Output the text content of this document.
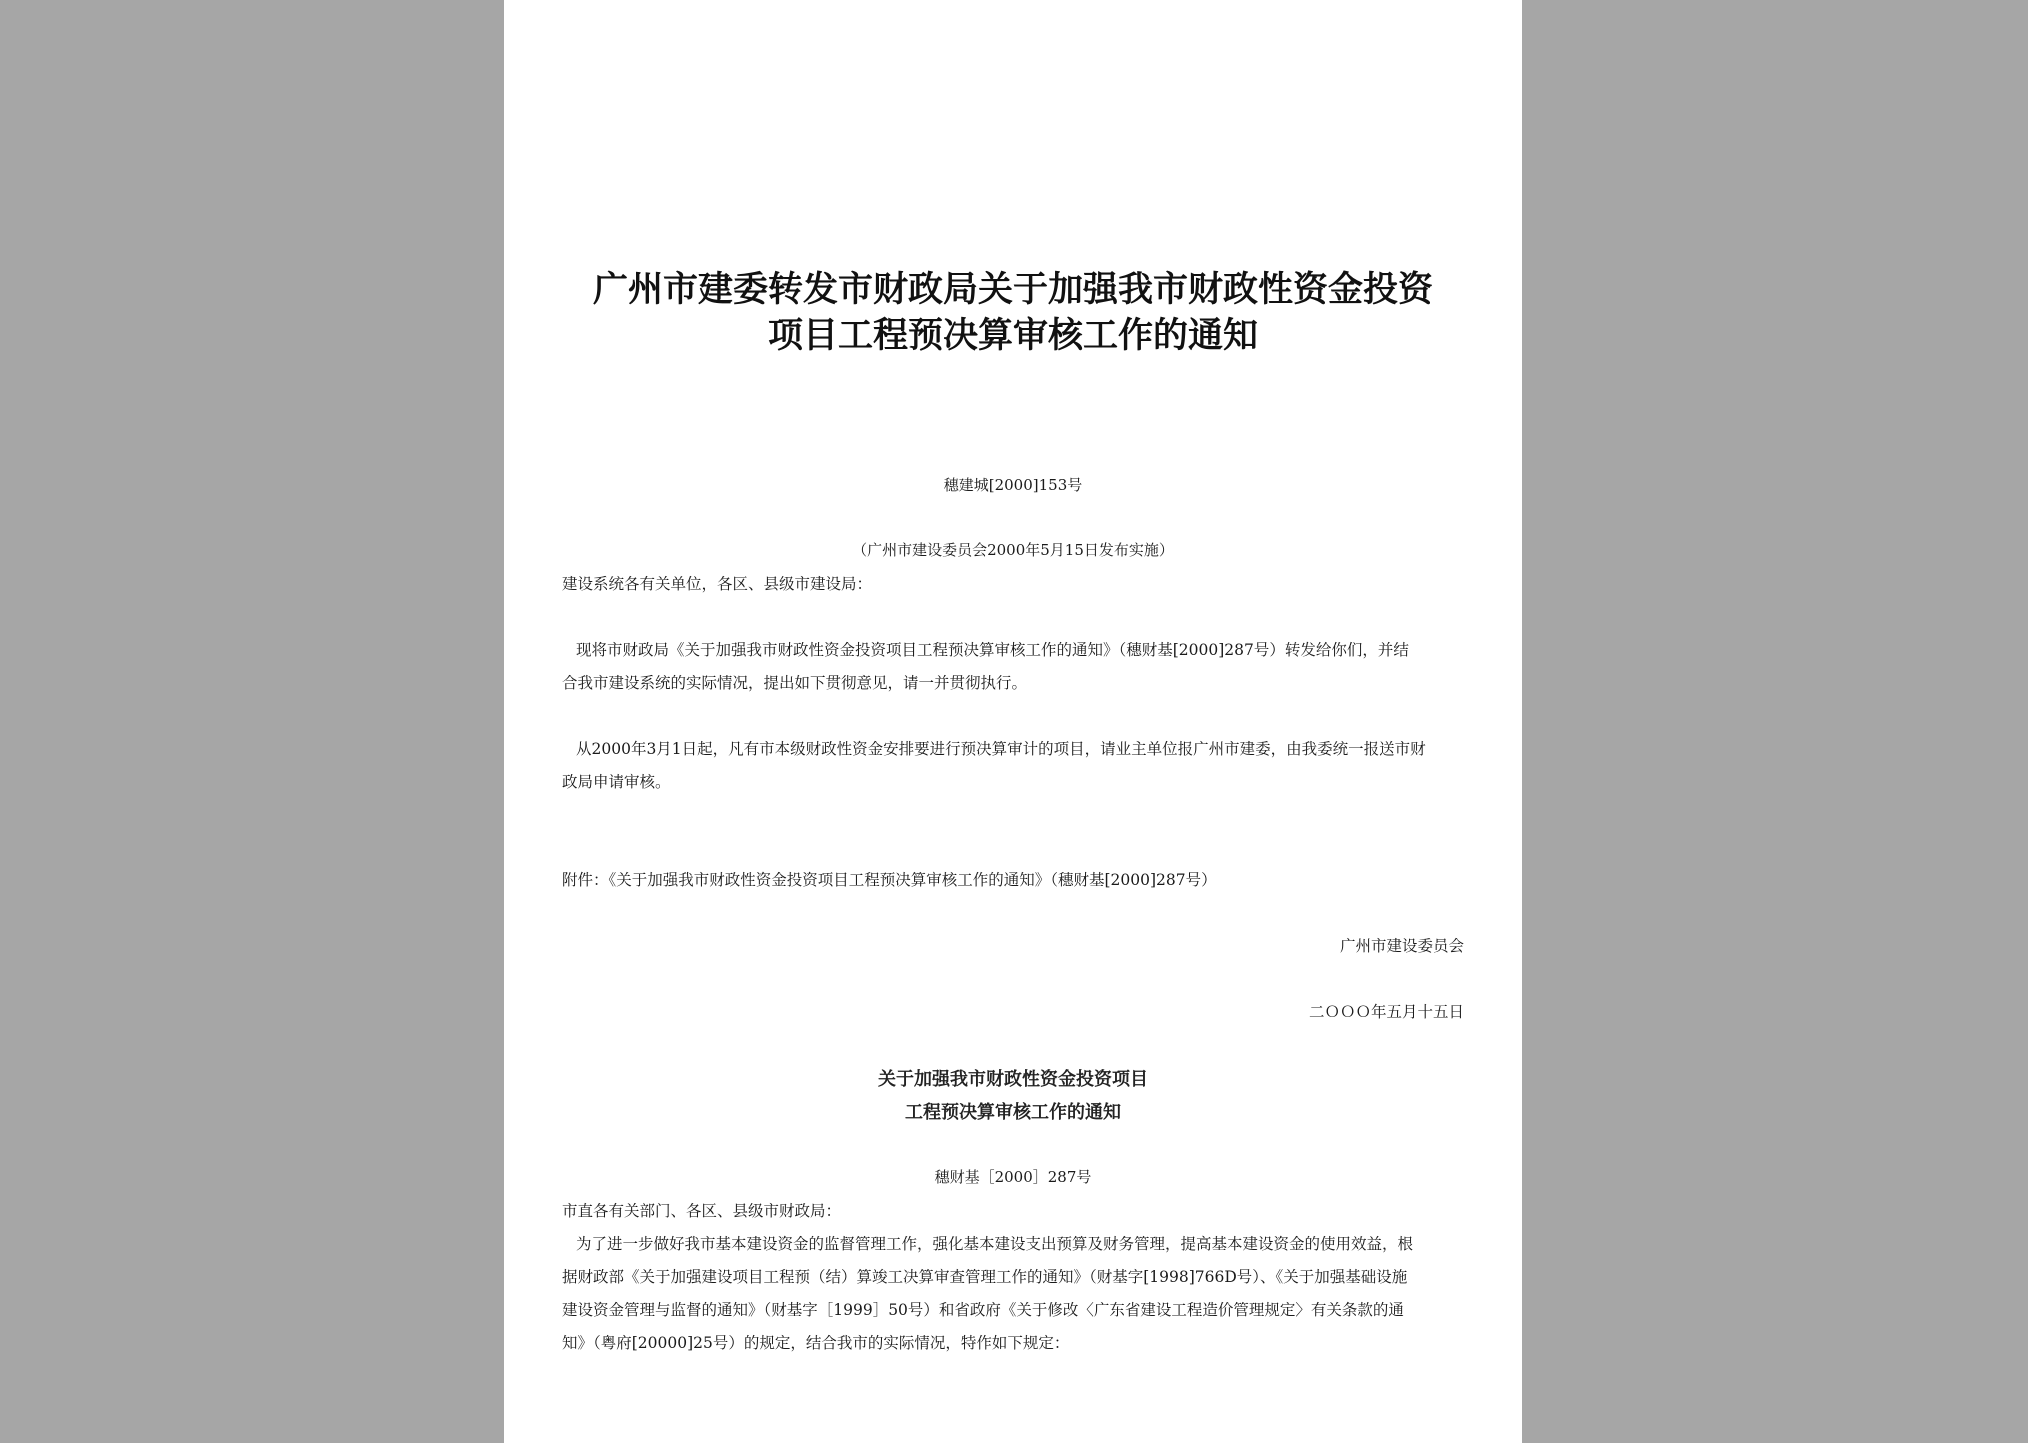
广州市建委转发市财政局关于加强我市财政性资金投资
项目工程预决算审核工作的通知
穗建城[2000]153号
（广州市建设委员会2000年5月15日发布实施）
建设系统各有关单位，各区、县级市建设局：
现将市财政局《关于加强我市财政性资金投资项目工程预决算审核工作的通知》（穗财基[2000]287号）转发给你们，并结
合我市建设系统的实际情况，提出如下贯彻意见，请一并贯彻执行。
从2000年3月1日起，凡有市本级财政性资金安排要进行预决算审计的项目，请业主单位报广州市建委，由我委统一报送市财
政局申请审核。
附件：《关于加强我市财政性资金投资项目工程预决算审核工作的通知》（穗财基[2000]287号）
广州市建设委员会
二ＯＯＯ年五月十五日
关于加强我市财政性资金投资项目
工程预决算审核工作的通知
穗财基［2000］287号
市直各有关部门、各区、县级市财政局：
为了进一步做好我市基本建设资金的监督管理工作，强化基本建设支出预算及财务管理，提高基本建设资金的使用效益，根
据财政部《关于加强建设项目工程预（结）算竣工决算审查管理工作的通知》（财基字[1998]766D号）、《关于加强基础设施
建设资金管理与监督的通知》（财基字［1999］50号）和省政府《关于修改〈广东省建设工程造价管理规定〉有关条款的通
知》（粤府[20000]25号）的规定，结合我市的实际情况，特作如下规定：
